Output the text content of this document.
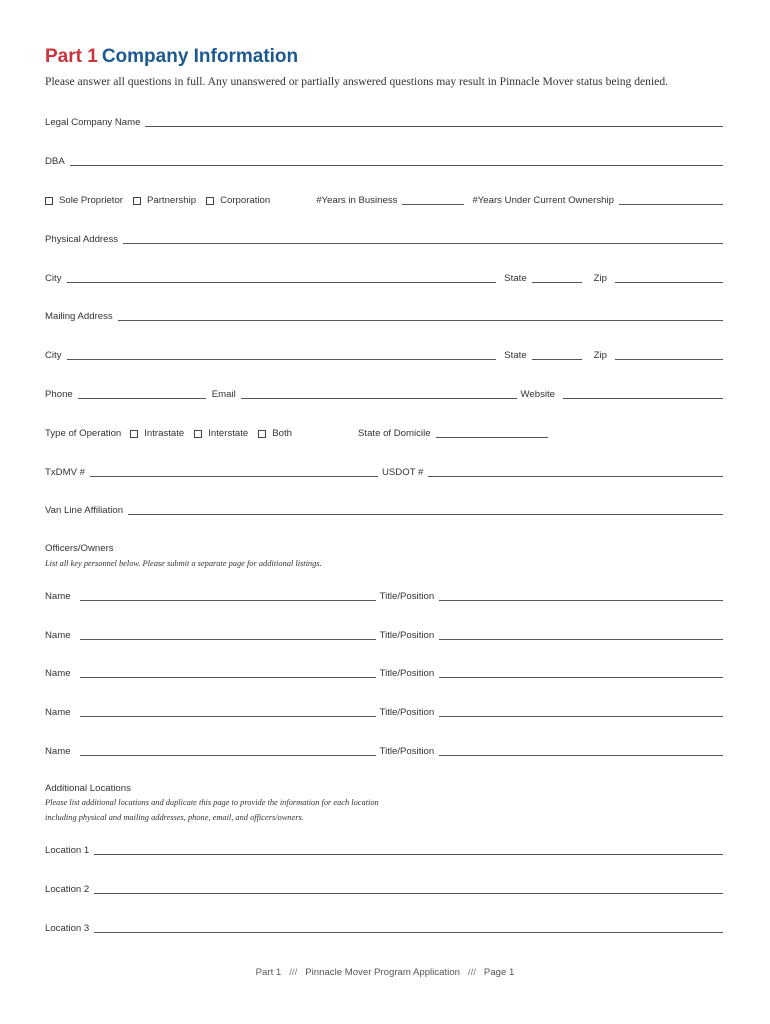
Part 1 Company Information
Please answer all questions in full. Any unanswered or partially answered questions may result in Pinnacle Mover status being denied.
Legal Company Name
DBA
Sole Proprietor	Partnership	Corporation	#Years in Business	#Years Under Current Ownership
Physical Address
City	State	Zip
Mailing Address
City	State	Zip
Phone	Email	Website
Type of Operation Intrastate	Interstate	Both	State of Domicile
TxDMV #	USDOT #
Van Line Affiliation
Officers/Owners
List all key personnel below. Please submit a separate page for additional listings.
Name	Title/Position
Name	Title/Position
Name	Title/Position
Name	Title/Position
Name	Title/Position
Additional Locations
Please list additional locations and duplicate this page to provide the information for each location
including physical and mailing addresses, phone, email, and officers/owners.
Location 1
Location 2
Location 3
Part 1 /// Pinnacle Mover Program Application /// Page 1
